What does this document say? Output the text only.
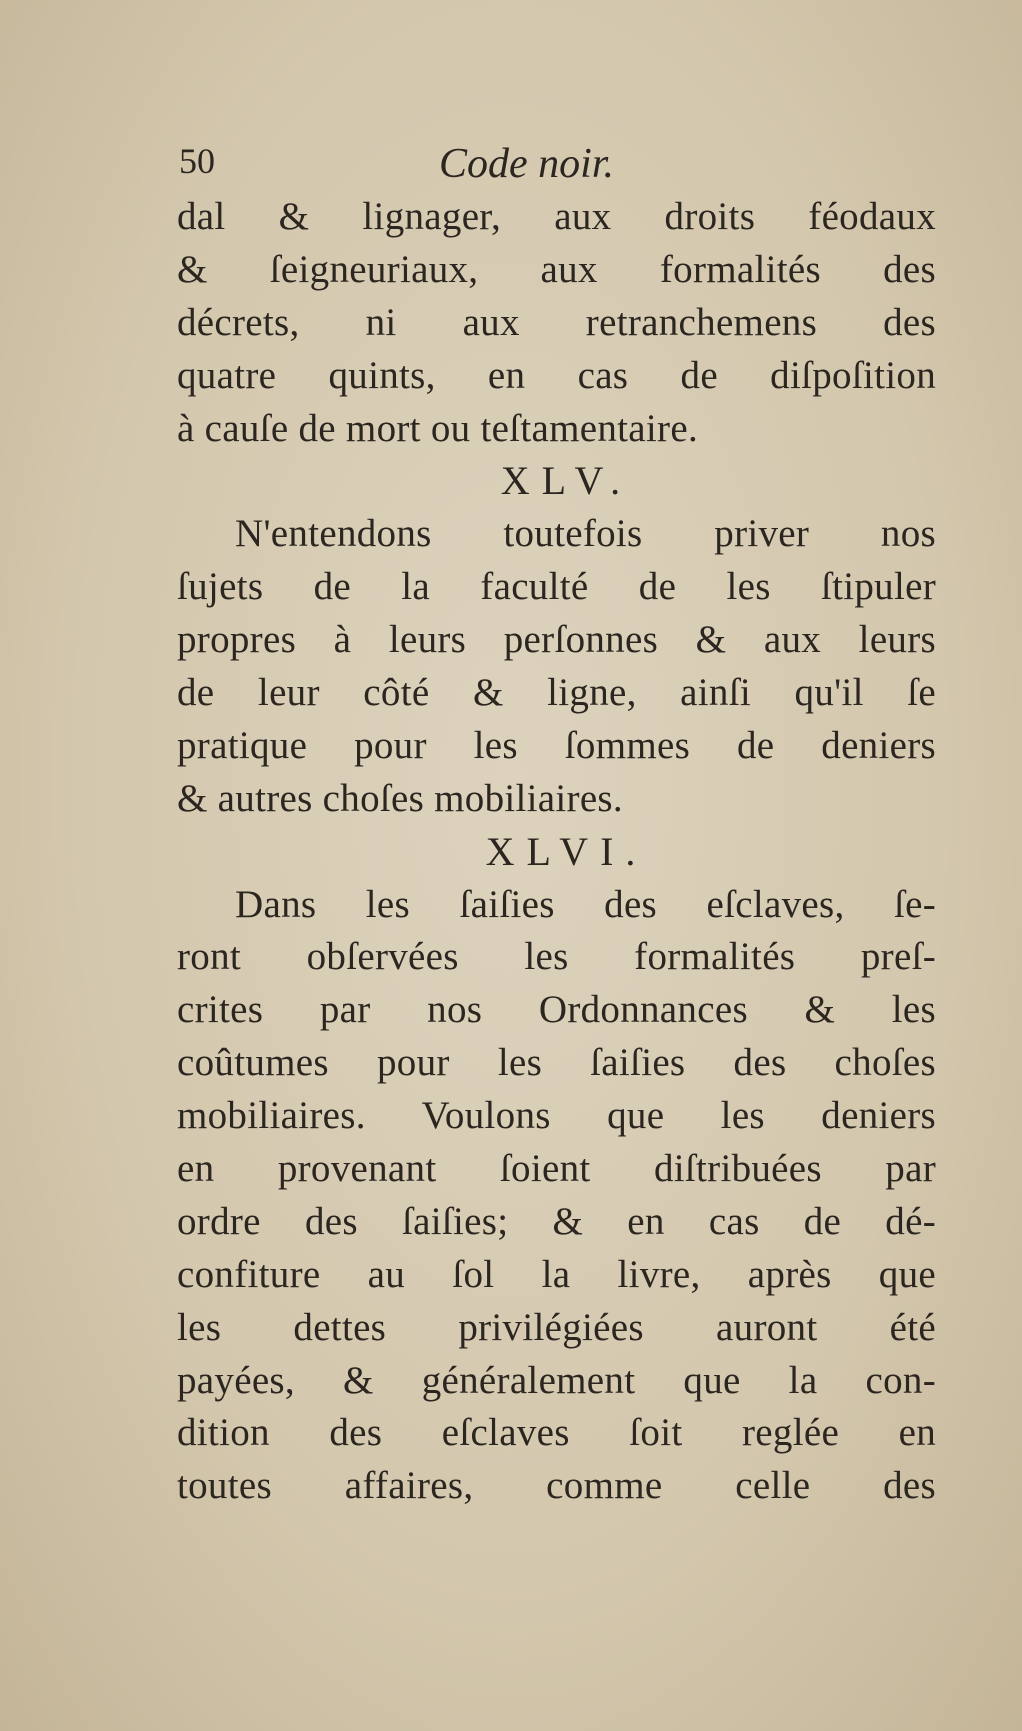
50	Code noir.
dal & lignager, aux droits féodaux
& ſeigneuriaux, aux formalités des
décrets, ni aux retranchemens des
quatre quints, en cas de diſpoſition
à cauſe de mort ou teſtamentaire.
XLV.
N'entendons toutefois priver nos
ſujets de la faculté de les ſtipuler
propres à leurs perſonnes & aux leurs
de leur côté & ligne, ainſi qu'il ſe
pratique pour les ſommes de deniers
& autres choſes mobiliaires.
XLVI.
Dans les ſaiſies des eſclaves, ſe-
ront obſervées les formalités preſ-
crites par nos Ordonnances & les
coûtumes pour les ſaiſies des choſes
mobiliaires. Voulons que les deniers
en provenant ſoient diſtribuées par
ordre des ſaiſies; & en cas de dé-
confiture au ſol la livre, après que
les dettes privilégiées auront été
payées, & généralement que la con-
dition des eſclaves ſoit reglée en
toutes affaires, comme celle des
